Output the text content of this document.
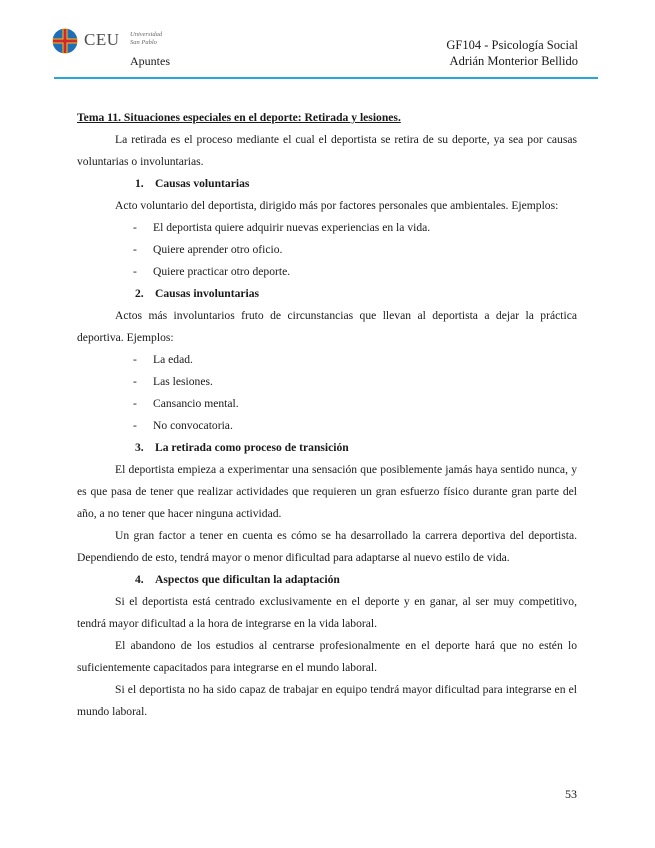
CEU Universidad
San Pablo
Apuntes
GF104 - Psicología Social
Adrián Monterior Bellido

Tema 11. Situaciones especiales en el deporte: Retirada y lesiones.

La retirada es el proceso mediante el cual el deportista se retira de su deporte, ya sea por causas voluntarias o involuntarias.

1. Causas voluntarias

Acto voluntario del deportista, dirigido más por factores personales que ambientales. Ejemplos:

- El deportista quiere adquirir nuevas experiencias en la vida.
- Quiere aprender otro oficio.
- Quiere practicar otro deporte.
2. Causas involuntarias

Actos más involuntarios fruto de circunstancias que llevan al deportista a dejar la práctica deportiva. Ejemplos:

- La edad.
- Las lesiones.
- Cansancio mental.
- No convocatoria.
3. La retirada como proceso de transición

El deportista empieza a experimentar una sensación que posiblemente jamás haya sentido nunca, y es que pasa de tener que realizar actividades que requieren un gran esfuerzo físico durante gran parte del año, a no tener que hacer ninguna actividad.

Un gran factor a tener en cuenta es cómo se ha desarrollado la carrera deportiva del deportista. Dependiendo de esto, tendrá mayor o menor dificultad para adaptarse al nuevo estilo de vida.

4. Aspectos que dificultan la adaptación

Si el deportista está centrado exclusivamente en el deporte y en ganar, al ser muy competitivo, tendrá mayor dificultad a la hora de integrarse en la vida laboral.

El abandono de los estudios al centrarse profesionalmente en el deporte hará que no estén lo suficientemente capacitados para integrarse en el mundo laboral.

Si el deportista no ha sido capaz de trabajar en equipo tendrá mayor dificultad para integrarse en el mundo laboral.

53
